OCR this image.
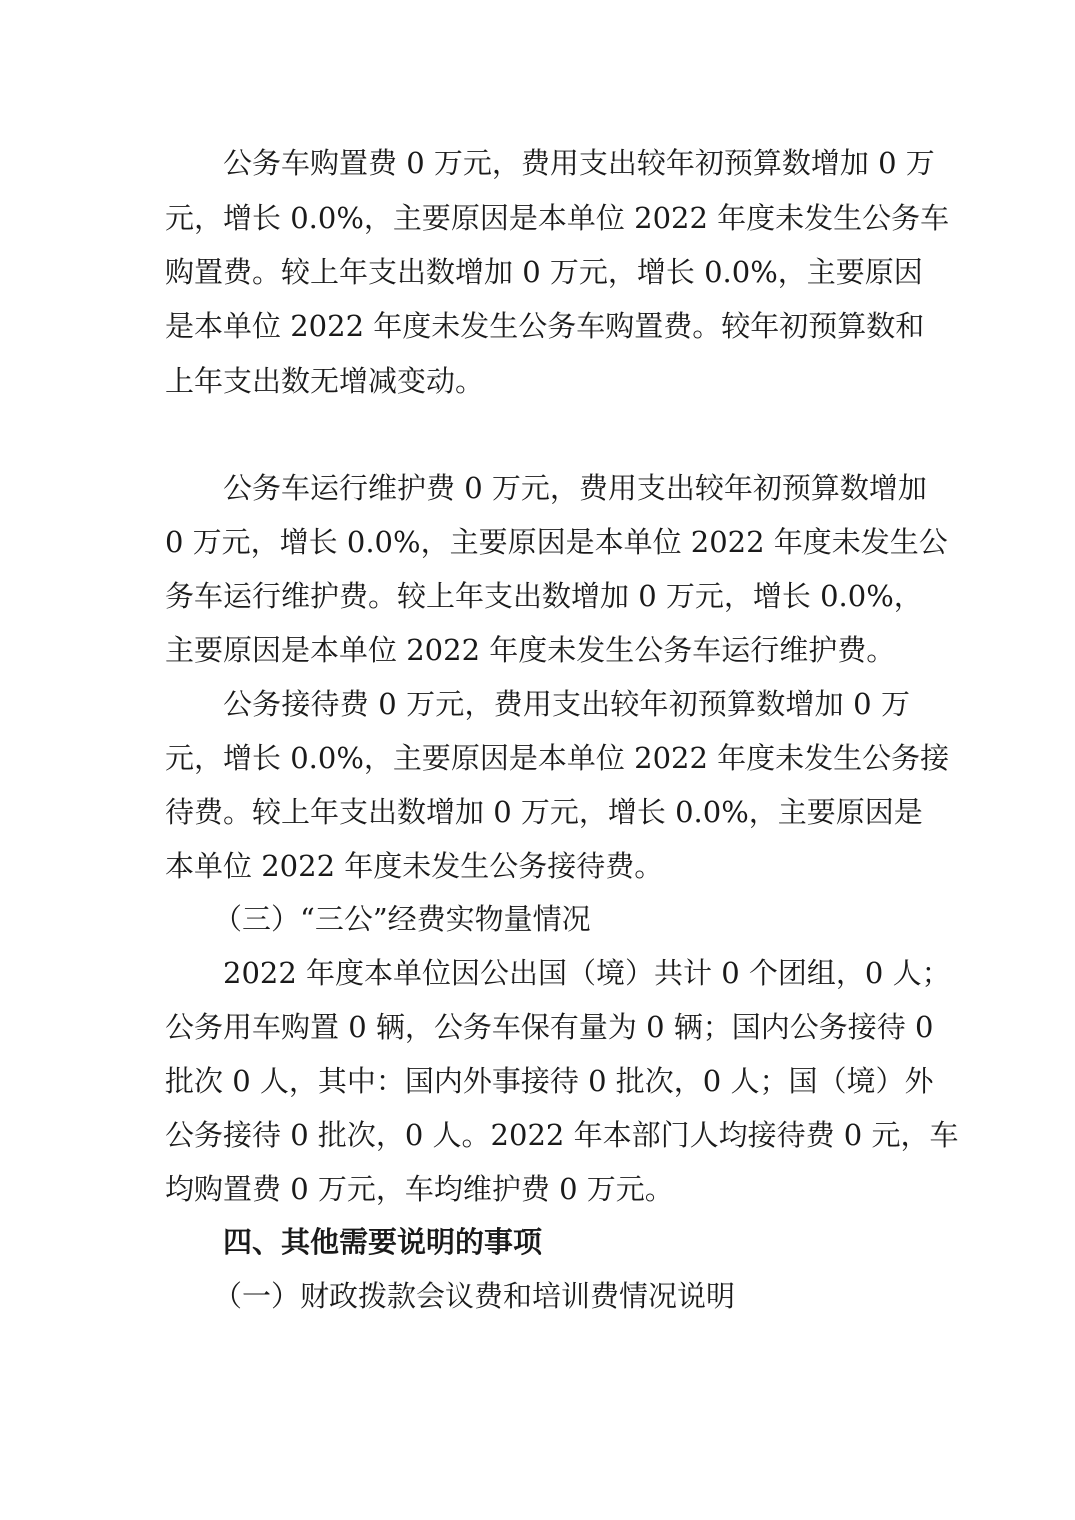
公务车购置费 0 万元，费用支出较年初预算数增加 0 万
元，增长 0.0%，主要原因是本单位 2022 年度未发生公务车
购置费。较上年支出数增加 0 万元，增长 0.0%，主要原因
是本单位 2022 年度未发生公务车购置费。较年初预算数和
上年支出数无增减变动。
公务车运行维护费 0 万元，费用支出较年初预算数增加
0 万元，增长 0.0%，主要原因是本单位 2022 年度未发生公
务车运行维护费。较上年支出数增加 0 万元，增长 0.0%，
主要原因是本单位 2022 年度未发生公务车运行维护费。
公务接待费 0 万元，费用支出较年初预算数增加 0 万
元，增长 0.0%，主要原因是本单位 2022 年度未发生公务接
待费。较上年支出数增加 0 万元，增长 0.0%，主要原因是
本单位 2022 年度未发生公务接待费。
（三）“三公”经费实物量情况
2022 年度本单位因公出国（境）共计 0 个团组，0 人；
公务用车购置 0 辆，公务车保有量为 0 辆；国内公务接待 0
批次 0 人，其中：国内外事接待 0 批次，0 人；国（境）外
公务接待 0 批次，0 人。2022 年本部门人均接待费 0 元，车
均购置费 0 万元，车均维护费 0 万元。
四、其他需要说明的事项
（一）财政拨款会议费和培训费情况说明
